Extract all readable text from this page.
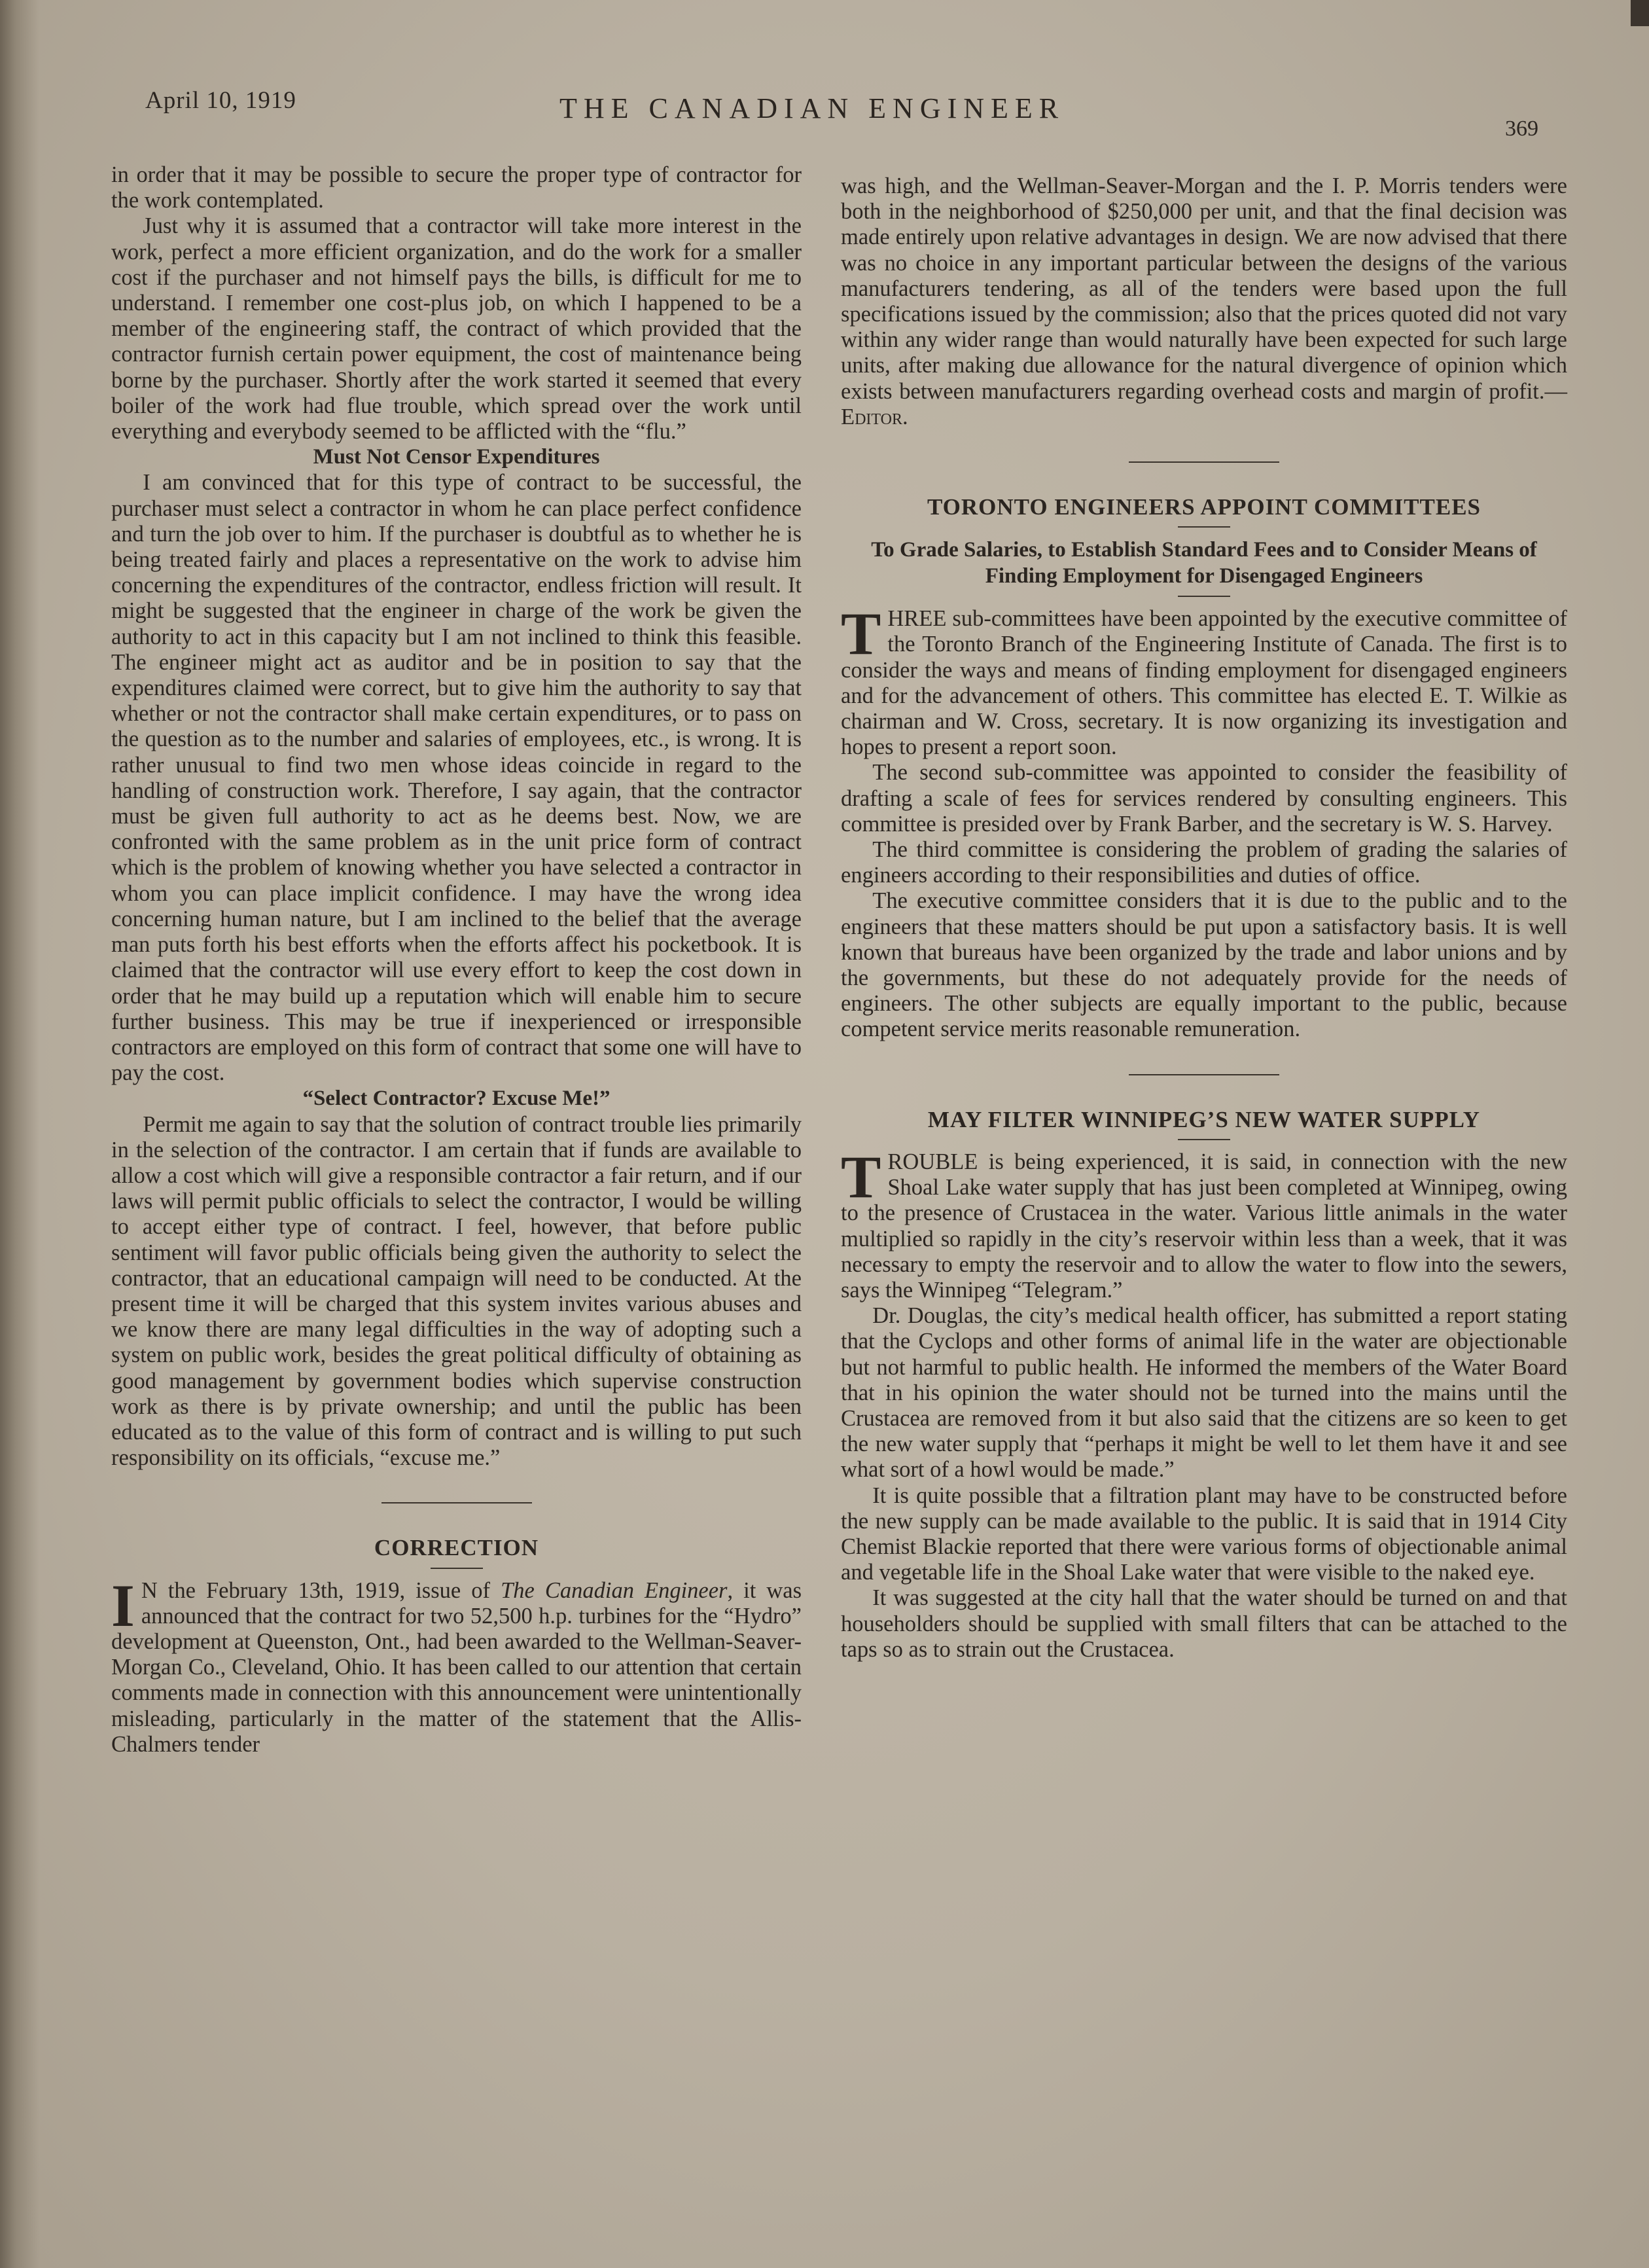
April 10, 1919	THE CANADIAN ENGINEER
369

in order that it may be possible to secure the proper type of contractor for the work contemplated.

Just why it is assumed that a contractor will take more interest in the work, perfect a more efficient organization, and do the work for a smaller cost if the purchaser and not himself pays the bills, is difficult for me to understand. I remember one cost-plus job, on which I happened to be a member of the engineering staff, the contract of which provided that the contractor furnish certain power equipment, the cost of maintenance being borne by the purchaser. Shortly after the work started it seemed that every boiler of the work had flue trouble, which spread over the work until everything and everybody seemed to be afflicted with the “flu.”

Must Not Censor Expenditures

I am convinced that for this type of contract to be successful, the purchaser must select a contractor in whom he can place perfect confidence and turn the job over to him. If the purchaser is doubtful as to whether he is being treated fairly and places a representative on the work to advise him concerning the expenditures of the contractor, endless friction will result. It might be suggested that the engineer in charge of the work be given the authority to act in this capacity but I am not inclined to think this feasible. The engineer might act as auditor and be in position to say that the expenditures claimed were correct, but to give him the authority to say that whether or not the contractor shall make certain expenditures, or to pass on the question as to the number and salaries of employees, etc., is wrong. It is rather unusual to find two men whose ideas coincide in regard to the handling of construction work. Therefore, I say again, that the contractor must be given full authority to act as he deems best. Now, we are confronted with the same problem as in the unit price form of contract which is the problem of knowing whether you have selected a contractor in whom you can place implicit confidence. I may have the wrong idea concerning human nature, but I am inclined to the belief that the average man puts forth his best efforts when the efforts affect his pocketbook. It is claimed that the contractor will use every effort to keep the cost down in order that he may build up a reputation which will enable him to secure further business. This may be true if inexperienced or irresponsible contractors are employed on this form of contract that some one will have to pay the cost.

“Select Contractor? Excuse Me!”

Permit me again to say that the solution of contract trouble lies primarily in the selection of the contractor. I am certain that if funds are available to allow a cost which will give a responsible contractor a fair return, and if our laws will permit public officials to select the contractor, I would be willing to accept either type of contract. I feel, however, that before public sentiment will favor public officials being given the authority to select the contractor, that an educational campaign will need to be conducted. At the present time it will be charged that this system invites various abuses and we know there are many legal difficulties in the way of adopting such a system on public work, besides the great political difficulty of obtaining as good management by government bodies which supervise construction work as there is by private ownership; and until the public has been educated as to the value of this form of contract and is willing to put such responsibility on its officials, “excuse me.”

CORRECTION

I N the February 13th, 1919, issue of The Canadian Engineer, it was announced that the contract for two 52,500 h.p. turbines for the “Hydro” development at Queenston, Ont., had been awarded to the Wellman-Seaver-Morgan Co., Cleveland, Ohio. It has been called to our attention that certain comments made in connection with this announcement were unintentionally misleading, particularly in the matter of the statement that the Allis-Chalmers tender

was high, and the Wellman-Seaver-Morgan and the I. P. Morris tenders were both in the neighborhood of $250,000 per unit, and that the final decision was made entirely upon relative advantages in design. We are now advised that there was no choice in any important particular between the designs of the various manufacturers tendering, as all of the tenders were based upon the full specifications issued by the commission; also that the prices quoted did not vary within any wider range than would naturally have been expected for such large units, after making due allowance for the natural divergence of opinion which exists between manufacturers regarding overhead costs and margin of profit.—Editor.

TORONTO ENGINEERS APPOINT COMMITTEES

To Grade Salaries, to Establish Standard Fees and to Consider Means of Finding Employment for Disengaged Engineers

THREE sub-committees have been appointed by the executive committee of the Toronto Branch of the Engineering Institute of Canada. The first is to consider the ways and means of finding employment for disengaged engineers and for the advancement of others. This committee has elected E. T. Wilkie as chairman and W. Cross, secretary. It is now organizing its investigation and hopes to present a report soon.

The second sub-committee was appointed to consider the feasibility of drafting a scale of fees for services rendered by consulting engineers. This committee is presided over by Frank Barber, and the secretary is W. S. Harvey.

The third committee is considering the problem of grading the salaries of engineers according to their responsibilities and duties of office.

The executive committee considers that it is due to the public and to the engineers that these matters should be put upon a satisfactory basis. It is well known that bureaus have been organized by the trade and labor unions and by the governments, but these do not adequately provide for the needs of engineers. The other subjects are equally important to the public, because competent service merits reasonable remuneration.

MAY FILTER WINNIPEG’S NEW WATER SUPPLY

TROUBLE is being experienced, it is said, in connection with the new Shoal Lake water supply that has just been completed at Winnipeg, owing to the presence of Crustacea in the water. Various little animals in the water multiplied so rapidly in the city’s reservoir within less than a week, that it was necessary to empty the reservoir and to allow the water to flow into the sewers, says the Winnipeg “Telegram.”

Dr. Douglas, the city’s medical health officer, has submitted a report stating that the Cyclops and other forms of animal life in the water are objectionable but not harmful to public health. He informed the members of the Water Board that in his opinion the water should not be turned into the mains until the Crustacea are removed from it but also said that the citizens are so keen to get the new water supply that “perhaps it might be well to let them have it and see what sort of a howl would be made.”

It is quite possible that a filtration plant may have to be constructed before the new supply can be made available to the public. It is said that in 1914 City Chemist Blackie reported that there were various forms of objectionable animal and vegetable life in the Shoal Lake water that were visible to the naked eye.

It was suggested at the city hall that the water should be turned on and that householders should be supplied with small filters that can be attached to the taps so as to strain out the Crustacea.
